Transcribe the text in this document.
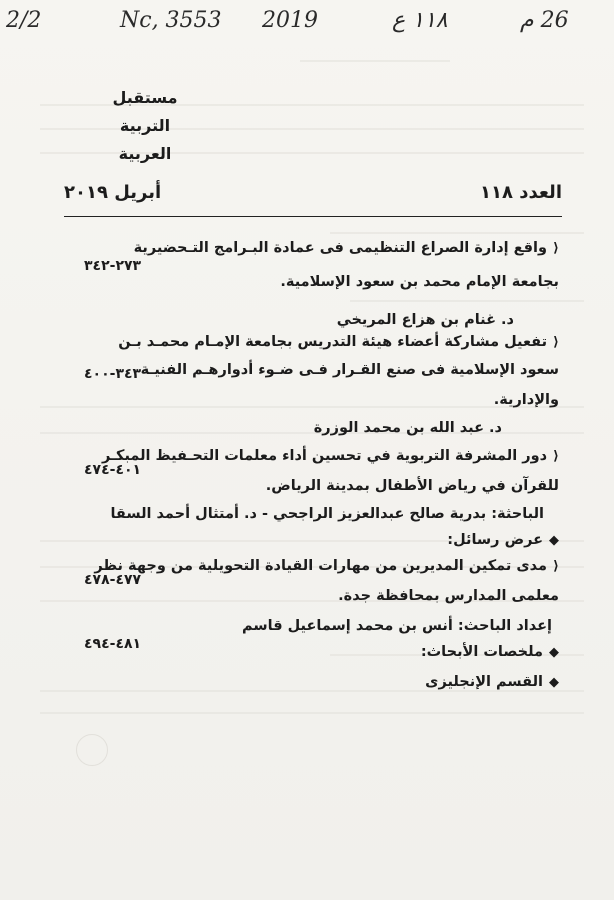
2/2	Nc, 3553 2019	١١٨ ع	26 م
مستقبل
التربية
العربية
العدد ١١٨
أبريل ٢٠١٩
⟨واقع إدارة الصراع التنظيمى فى عمادة البـرامج التـحضيرية
بجامعة الإمام محمد بن سعود الإسلامية.
٢٧٣-٣٤٢
د. غنام بن هزاع المريخي
⟨تفعيل مشاركة أعضاء هيئة التدريس بجامعة الإمـام محمـد بـن
سعود الإسلامية فى صنع القـرار فـى ضـوء أدوارهـم الفنيـة
والإدارية.
٣٤٣-٤٠٠
د. عبد الله بن محمد الوزرة
⟨دور المشرفة التربوية في تحسين أداء معلمات التحـفيظ المبكـر
للقرآن في رياض الأطفال بمدينة الرياض.
٤٠١-٤٧٤
الباحثة: بدرية صالح عبدالعزيز الراجحي - د. أمتثال أحمد السقا
◆عرض رسائل:
⟨مدى تمكين المديرين من مهارات القيادة التحويلية من وجهة نظر
معلمى المدارس بمحافظة جدة.
٤٧٧-٤٧٨
إعداد الباحث: أنس بن محمد إسماعيل قاسم
◆ملخصات الأبحاث:
٤٨١-٤٩٤
◆القسم الإنجليزى
